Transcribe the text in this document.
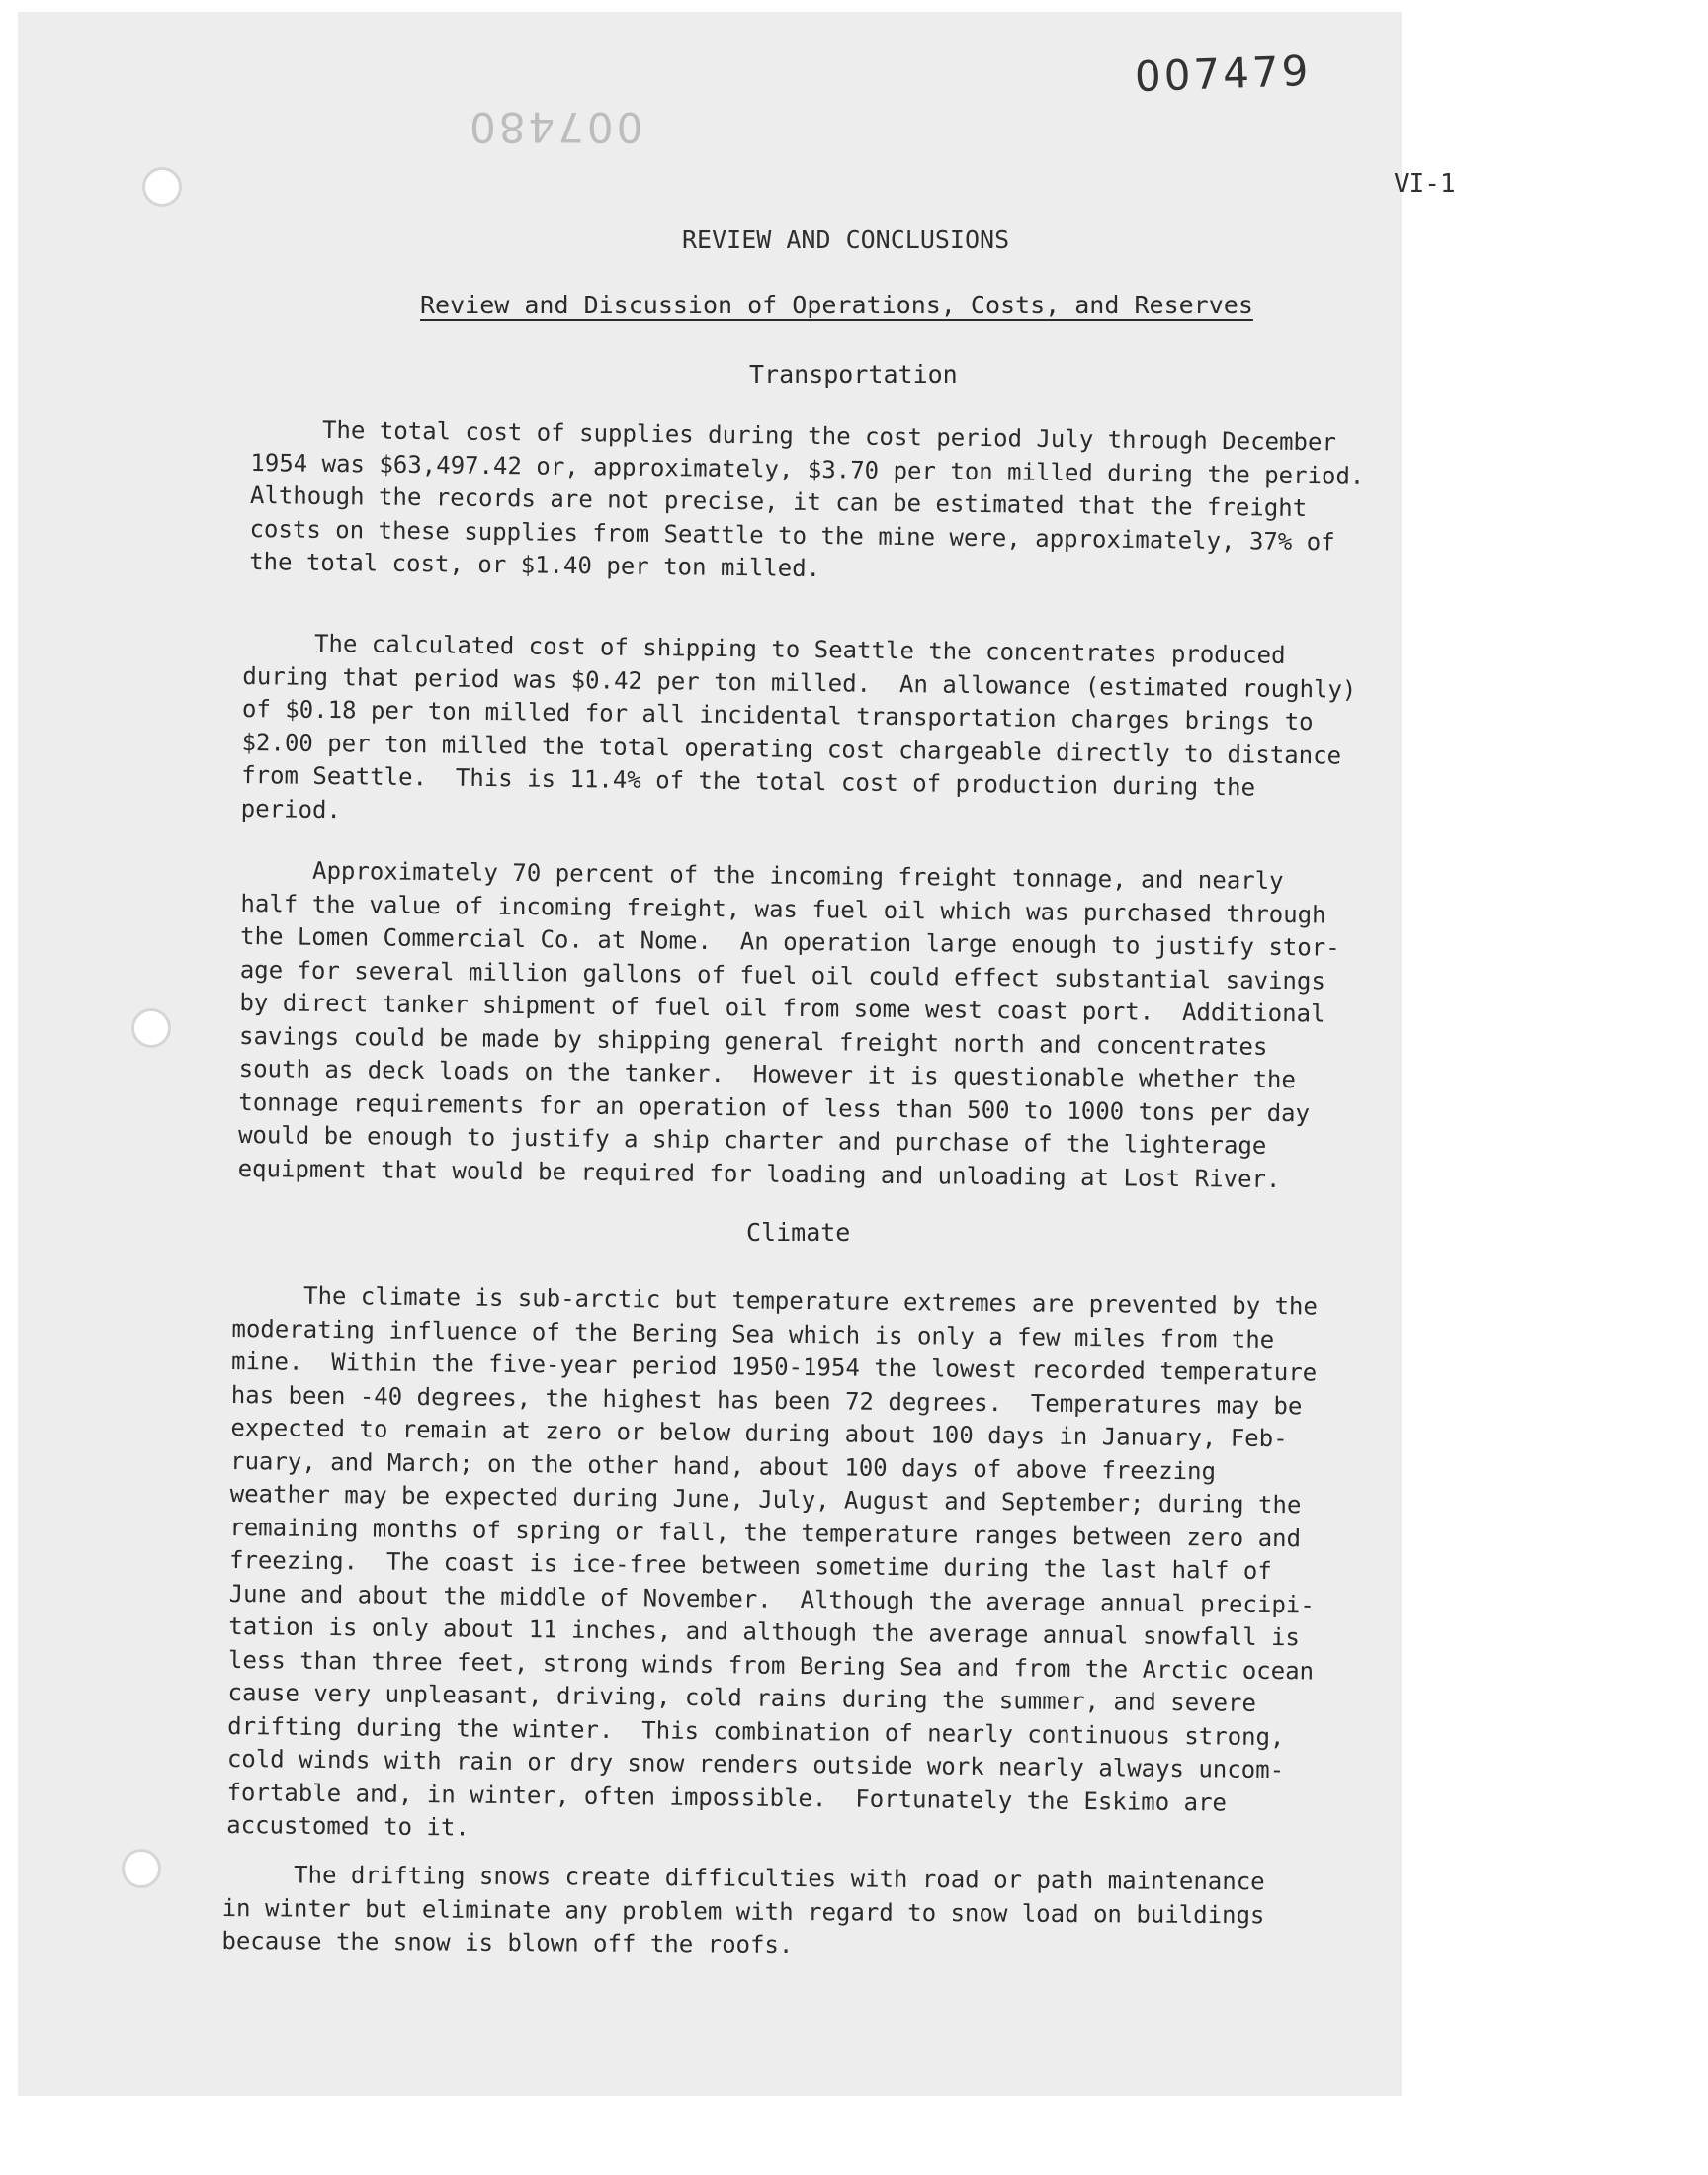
007479
007480
VI-1
REVIEW AND CONCLUSIONS
Review and Discussion of Operations, Costs, and Reserves
Transportation
The total cost of supplies during the cost period July through December
1954 was $63,497.42 or, approximately, $3.70 per ton milled during the period.
Although the records are not precise, it can be estimated that the freight
costs on these supplies from Seattle to the mine were, approximately, 37% of
the total cost, or $1.40 per ton milled.
The calculated cost of shipping to Seattle the concentrates produced
during that period was $0.42 per ton milled.  An allowance (estimated roughly)
of $0.18 per ton milled for all incidental transportation charges brings to
$2.00 per ton milled the total operating cost chargeable directly to distance
from Seattle.  This is 11.4% of the total cost of production during the
period.
Approximately 70 percent of the incoming freight tonnage, and nearly
half the value of incoming freight, was fuel oil which was purchased through
the Lomen Commercial Co. at Nome.  An operation large enough to justify stor-
age for several million gallons of fuel oil could effect substantial savings
by direct tanker shipment of fuel oil from some west coast port.  Additional
savings could be made by shipping general freight north and concentrates
south as deck loads on the tanker.  However it is questionable whether the
tonnage requirements for an operation of less than 500 to 1000 tons per day
would be enough to justify a ship charter and purchase of the lighterage
equipment that would be required for loading and unloading at Lost River.
Climate
The climate is sub-arctic but temperature extremes are prevented by the
moderating influence of the Bering Sea which is only a few miles from the
mine.  Within the five-year period 1950-1954 the lowest recorded temperature
has been -40 degrees, the highest has been 72 degrees.  Temperatures may be
expected to remain at zero or below during about 100 days in January, Feb-
ruary, and March; on the other hand, about 100 days of above freezing
weather may be expected during June, July, August and September; during the
remaining months of spring or fall, the temperature ranges between zero and
freezing.  The coast is ice-free between sometime during the last half of
June and about the middle of November.  Although the average annual precipi-
tation is only about 11 inches, and although the average annual snowfall is
less than three feet, strong winds from Bering Sea and from the Arctic ocean
cause very unpleasant, driving, cold rains during the summer, and severe
drifting during the winter.  This combination of nearly continuous strong,
cold winds with rain or dry snow renders outside work nearly always uncom-
fortable and, in winter, often impossible.  Fortunately the Eskimo are
accustomed to it.
The drifting snows create difficulties with road or path maintenance
in winter but eliminate any problem with regard to snow load on buildings
because the snow is blown off the roofs.
